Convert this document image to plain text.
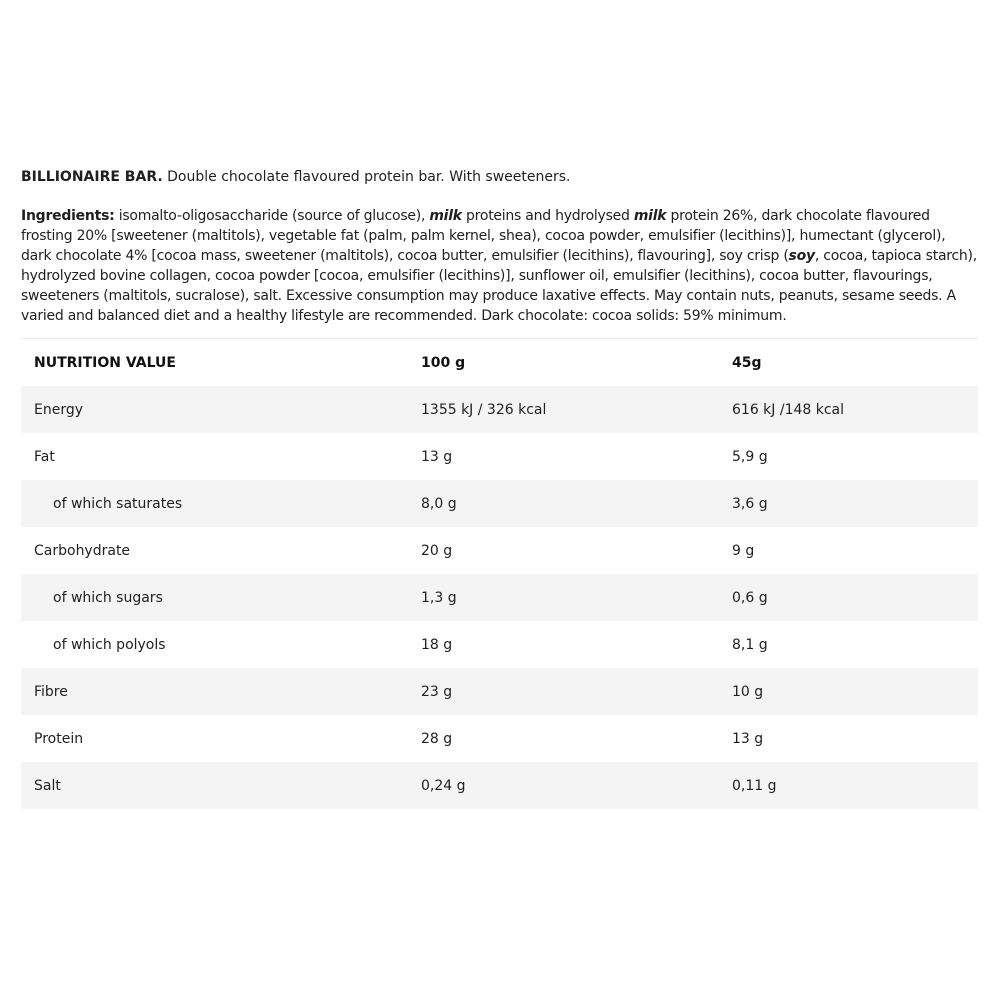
BILLIONAIRE BAR. Double chocolate flavoured protein bar. With sweeteners.

Ingredients: isomalto-oligosaccharide (source of glucose), milk proteins and hydrolysed milk protein 26%, dark chocolate flavoured frosting 20% [sweetener (maltitols), vegetable fat (palm, palm kernel, shea), cocoa powder, emulsifier (lecithins)], humectant (glycerol), dark chocolate 4% [cocoa mass, sweetener (maltitols), cocoa butter, emulsifier (lecithins), flavouring], soy crisp (soy, cocoa, tapioca starch), hydrolyzed bovine collagen, cocoa powder [cocoa, emulsifier (lecithins)], sunflower oil, emulsifier (lecithins), cocoa butter, flavourings, sweeteners (maltitols, sucralose), salt. Excessive consumption may produce laxative effects. May contain nuts, peanuts, sesame seeds. A varied and balanced diet and a healthy lifestyle are recommended. Dark chocolate: cocoa solids: 59% minimum.
NUTRITION VALUE	100 g	45g
Energy	1355 kJ / 326 kcal	616 kJ /148 kcal
Fat	13 g	5,9 g
of which saturates	8,0 g	3,6 g
Carbohydrate	20 g	9 g
of which sugars	1,3 g	0,6 g
of which polyols	18 g	8,1 g
Fibre	23 g	10 g
Protein	28 g	13 g
Salt	0,24 g	0,11 g
